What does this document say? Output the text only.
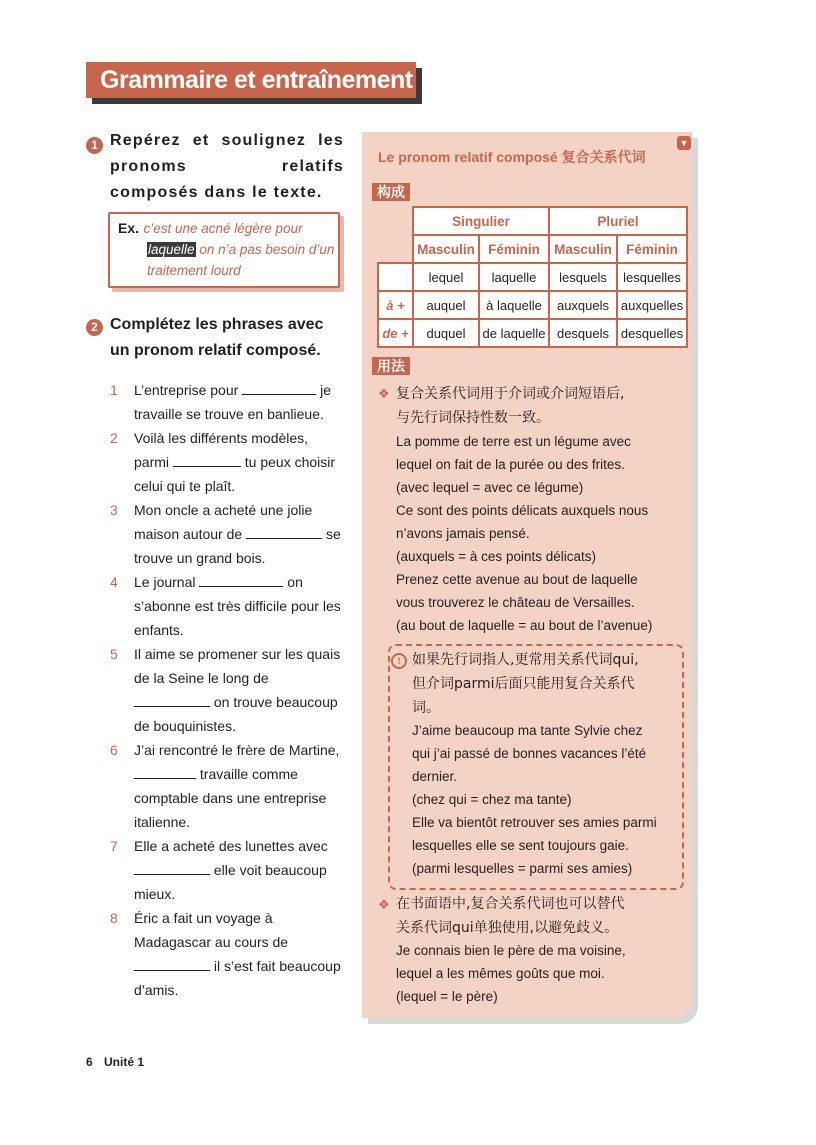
Grammaire et entraînement
1 Repérez et soulignez les pronoms relatifs composés dans le texte.
Ex. c’est une acné légère pour
laquelle on n’a pas besoin d’un traitement lourd
2 Complétez les phrases avec un pronom relatif composé.
1	L’entreprise pour	je travaille se trouve en banlieue.
2	Voilà les différents modèles, parmi	tu peux choisir celui qui te plaît.
3	Mon oncle a acheté une jolie maison autour de	se trouve un grand bois.
4	Le journal	on s’abonne est très difficile pour les enfants.
5	Il aime se promener sur les quais de la Seine le long de  on trouve beaucoup de bouquinistes.
6	J’ai rencontré le frère de Martine,  travaille comme comptable dans une entreprise italienne.
7	Elle a acheté des lunettes avec  elle voit beaucoup mieux.
8	Éric a fait un voyage à Madagascar au cours de  il s’est fait beaucoup d’amis.
Le pronom relatif composé 复合关系代词
▼
构成
	Singulier		Pluriel	
	Masculin	Féminin	Masculin	Féminin
	lequel	laquelle	lesquels	lesquelles
à +	auquel	à laquelle	auxquels	auxquelles
de +	duquel	de laquelle	desquels	desquelles
用法
❖ 复合关系代词用于介词或介词短语后,
与先行词保持性数一致。
La pomme de terre est un légume avec
lequel on fait de la purée ou des frites.
(avec lequel = avec ce légume)
Ce sont des points délicats auxquels nous
n’avons jamais pensé.
(auxquels = à ces points délicats)
Prenez cette avenue au bout de laquelle
vous trouverez le château de Versailles.
(au bout de laquelle = au bout de l’avenue)
! 如果先行词指人,更常用关系代词qui,
但介词parmi后面只能用复合关系代
词。
J’aime beaucoup ma tante Sylvie chez
qui j’ai passé de bonnes vacances l’été
dernier.
(chez qui = chez ma tante)
Elle va bientôt retrouver ses amies parmi
lesquelles elle se sent toujours gaie.
(parmi lesquelles = parmi ses amies)
❖ 在书面语中,复合关系代词也可以替代
关系代词qui单独使用,以避免歧义。
Je connais bien le père de ma voisine,
lequel a les mêmes goûts que moi.
(lequel = le père)
6 Unité 1
